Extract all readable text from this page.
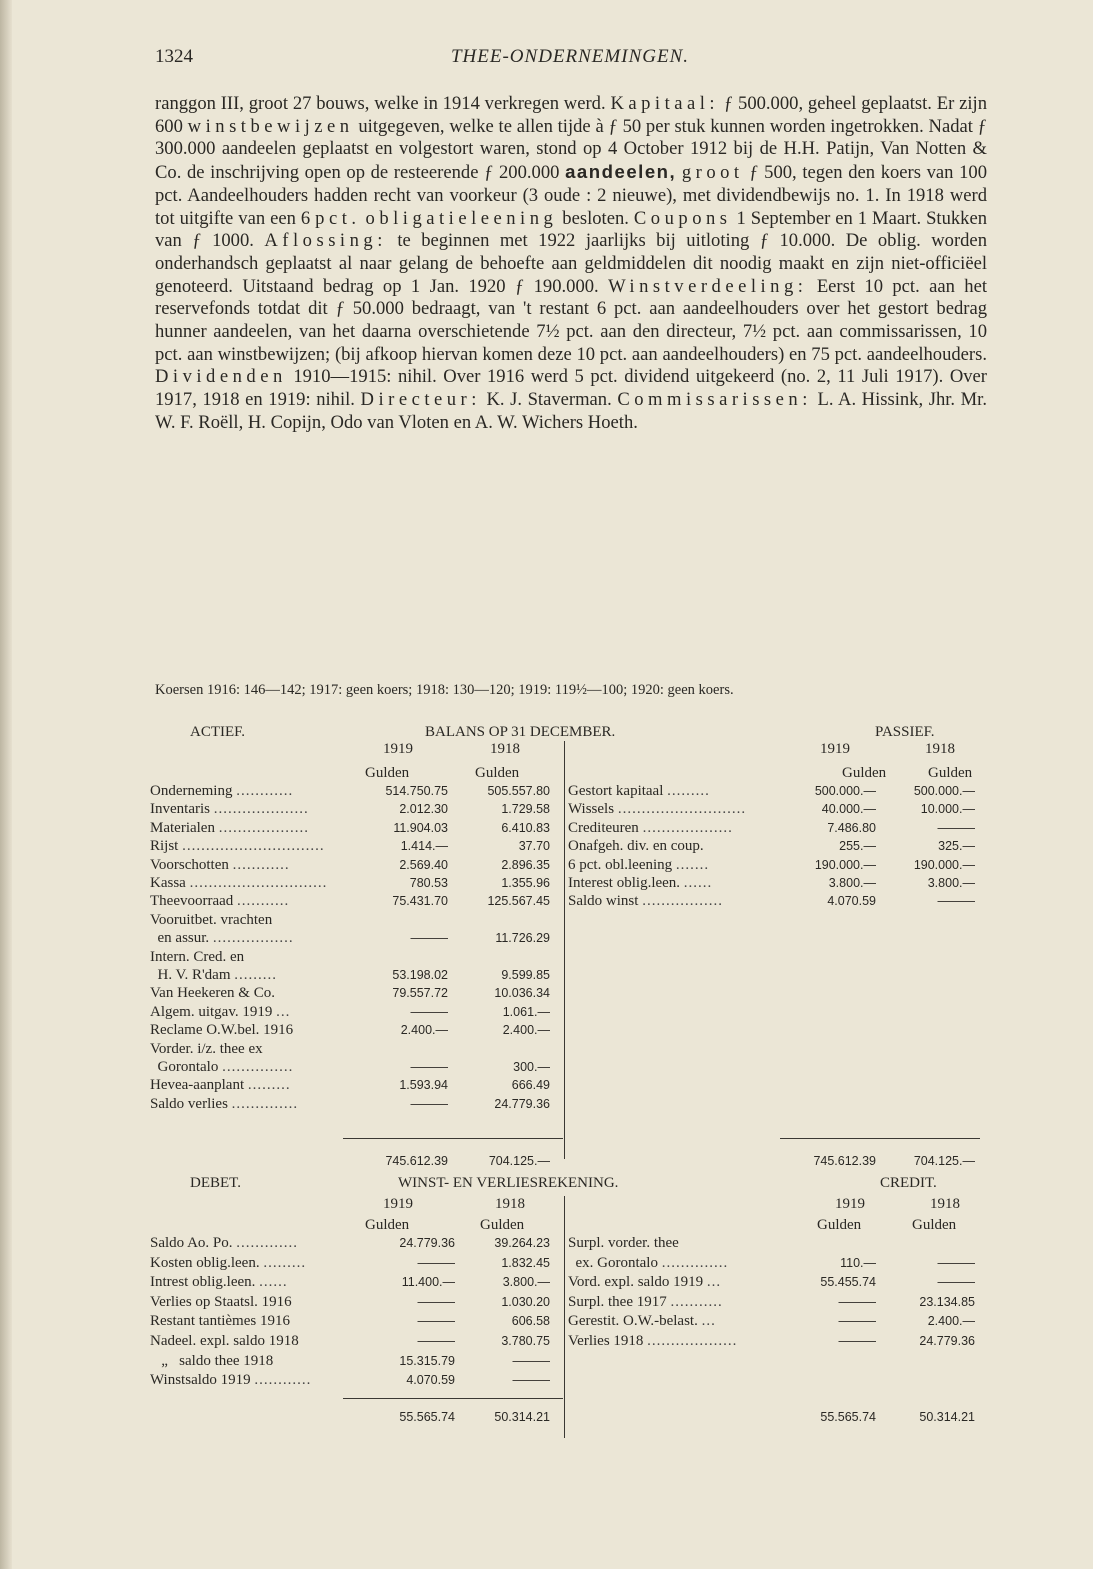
1324	THEE-ONDERNEMINGEN.

ranggon III, groot 27 bouws, welke in 1914 verkregen werd. Kapitaal: ƒ 500.000, geheel geplaatst. Er zijn 600 winstbewijzen uitgegeven, welke te allen tijde à ƒ 50 per stuk kunnen worden ingetrokken. Nadat ƒ 300.000 aandeelen geplaatst en volgestort waren, stond op 4 October 1912 bij de H.H. Patijn, Van Notten & Co. de inschrijving open op de resteerende ƒ 200.000 aandeelen, groot ƒ 500, tegen den koers van 100 pct. Aandeelhouders hadden recht van voorkeur (3 oude : 2 nieuwe), met dividendbewijs no. 1. In 1918 werd tot uitgifte van een 6 pct. obligatieleening besloten. Coupons 1 September en 1 Maart. Stukken van ƒ 1000. Aflossing: te beginnen met 1922 jaarlijks bij uitloting ƒ 10.000. De oblig. worden onderhandsch geplaatst al naar gelang de behoefte aan geldmiddelen dit noodig maakt en zijn niet-officiëel genoteerd. Uitstaand bedrag op 1 Jan. 1920 ƒ 190.000. Winstverdeeling: Eerst 10 pct. aan het reservefonds totdat dit ƒ 50.000 bedraagt, van 't restant 6 pct. aan aandeelhouders over het gestort bedrag hunner aandeelen, van het daarna overschietende 7½ pct. aan den directeur, 7½ pct. aan commissarissen, 10 pct. aan winstbewijzen; (bij afkoop hiervan komen deze 10 pct. aan aandeelhouders) en 75 pct. aandeelhouders. Dividenden 1910—1915: nihil. Over 1916 werd 5 pct. dividend uitgekeerd (no. 2, 11 Juli 1917). Over 1917, 1918 en 1919: nihil. Directeur: K. J. Staverman. Commissarissen: L. A. Hissink, Jhr. Mr. W. F. Roëll, H. Copijn, Odo van Vloten en A. W. Wichers Hoeth.

Koersen 1916: 146—142; 1917: geen koers; 1918: 130—120; 1919: 119½—100; 1920: geen koers.
ACTIEF.	BALANS OP 31 DECEMBER.	PASSIEF.
1919	1918
Gulden	Gulden
1919	1918
Gulden	Gulden
Onderneming ............	514.750.75	505.557.80
Inventaris ....................	2.012.30	1.729.58
Materialen ...................	11.904.03	6.410.83
Rijst ..............................	1.414.—	37.70
Voorschotten ............	2.569.40	2.896.35
Kassa .............................	780.53	1.355.96
Theevoorraad ...........	75.431.70	125.567.45
Vooruitbet. vrachten
en assur. .................	———	11.726.29
Intern. Cred. en
H. V. R'dam .........	53.198.02	9.599.85
Van Heekeren & Co.	79.557.72	10.036.34
Algem. uitgav. 1919 ...	———	1.061.—
Reclame O.W.bel. 1916	2.400.—	2.400.—
Vorder. i/z. thee ex
Gorontalo ...............	———	300.—
Hevea-aanplant .........	1.593.94	666.49
Saldo verlies ..............	———	24.779.36
Gestort kapitaal .........	500.000.—	500.000.—
Wissels ...........................	40.000.—	10.000.—
Crediteuren ...................	7.486.80	———
Onafgeh. div. en coup.	255.—	325.—
6 pct. obl.leening .......	190.000.—	190.000.—
Interest oblig.leen. ......	3.800.—	3.800.—
Saldo winst .................	4.070.59	———
745.612.39	704.125.—	745.612.39	704.125.—
DEBET.	WINST- EN VERLIESREKENING.	CREDIT.
1919	1918
Gulden	Gulden
1919	1918
Gulden	Gulden
Saldo Ao. Po. .............	24.779.36	39.264.23
Kosten oblig.leen. .........	———	1.832.45
Intrest oblig.leen. ......	11.400.—	3.800.—
Verlies op Staatsl. 1916	———	1.030.20
Restant tantièmes 1916	———	606.58
Nadeel. expl. saldo 1918	———	3.780.75
„   saldo thee 1918	15.315.79	———
Winstsaldo 1919 ............	4.070.59	———
Surpl. vorder. thee
ex. Gorontalo ..............	110.—	———
Vord. expl. saldo 1919 ...	55.455.74	———
Surpl. thee 1917 ...........	———	23.134.85
Gerestit. O.W.-belast. ...	———	2.400.—
Verlies 1918 ...................	———	24.779.36
55.565.74	50.314.21	55.565.74	50.314.21
